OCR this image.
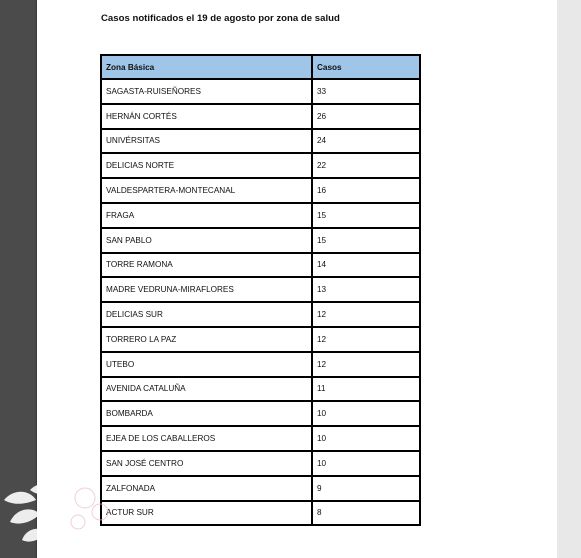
Casos notificados el 19 de agosto por zona de salud
Zona Básica	Casos
SAGASTA-RUISEÑORES	33
HERNÁN CORTÉS	26
UNIVÉRSITAS	24
DELICIAS NORTE	22
VALDESPARTERA-MONTECANAL	16
FRAGA	15
SAN PABLO	15
TORRE RAMONA	14
MADRE VEDRUNA-MIRAFLORES	13
DELICIAS SUR	12
TORRERO LA PAZ	12
UTEBO	12
AVENIDA CATALUÑA	11
BOMBARDA	10
EJEA DE LOS CABALLEROS	10
SAN JOSÉ CENTRO	10
ZALFONADA	9
ACTUR SUR	8
